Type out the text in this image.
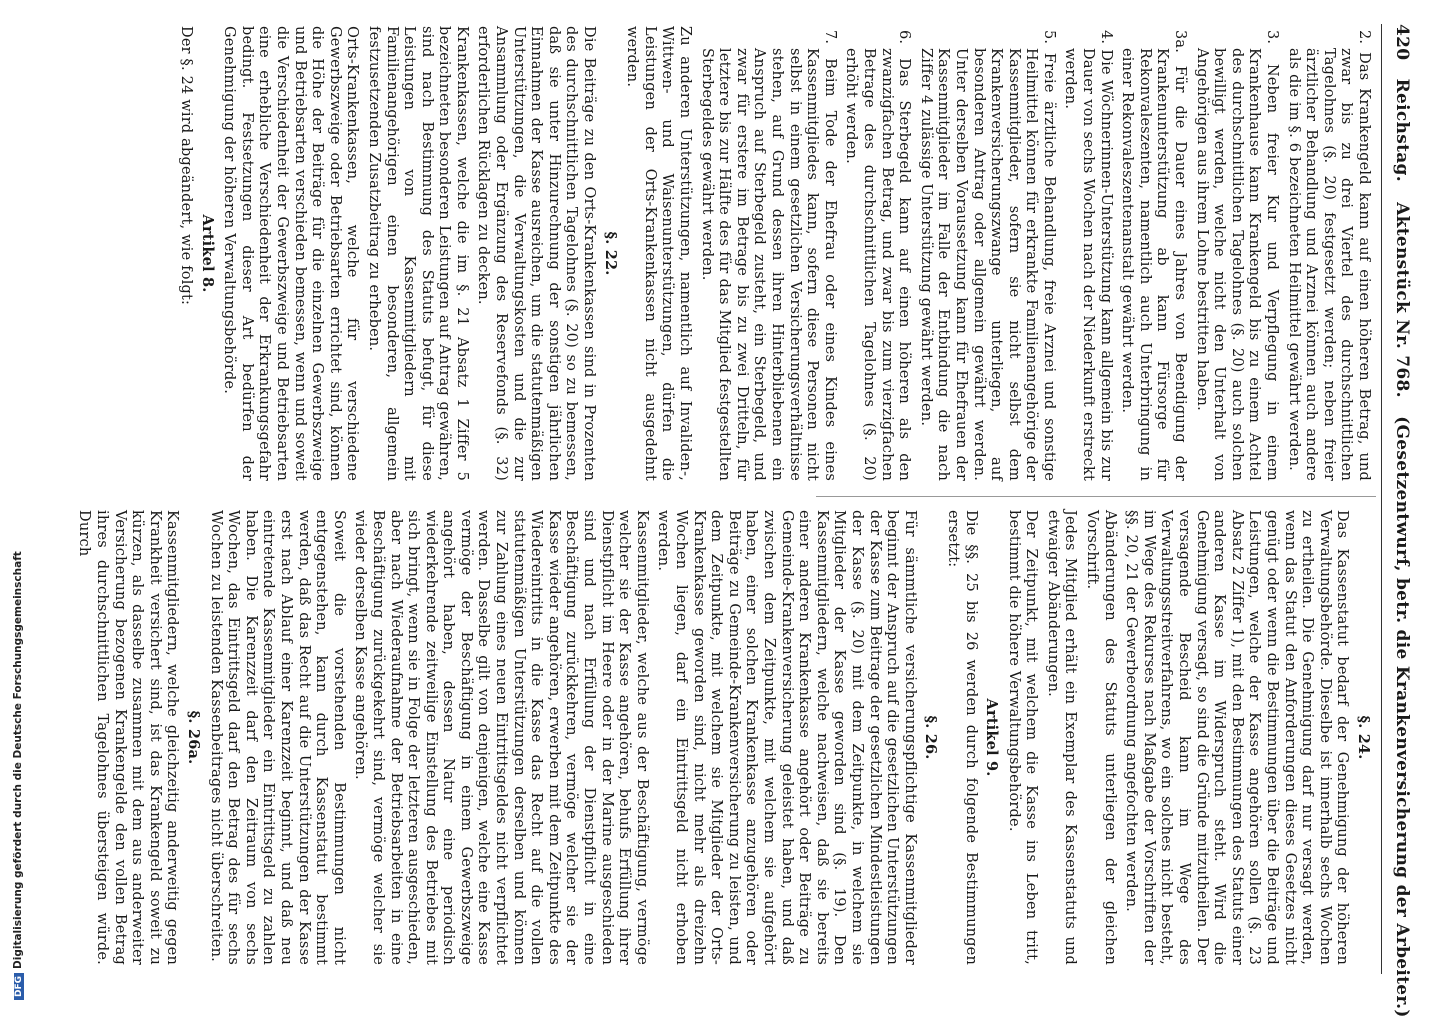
DFGDigitalisierung gefördert durch die Deutsche Forschungsgemeinschaft
420 Reichstag. Aktenstück Nr. 768. (Gesetzentwurf, betr. die Krankenversicherung der Arbeiter.)

2. Das Krankengeld kann auf einen höheren Betrag, und zwar bis zu drei Viertel des durchschnittlichen Tagelohnes (§. 20) festgesetzt werden; neben freier ärztlicher Behandlung und Arznei können auch andere als die im §. 6 bezeichneten Heilmittel gewährt werden.

3. Neben freier Kur und Verpflegung in einem Krankenhause kann Krankengeld bis zu einem Achtel des durchschnittlichen Tagelohnes (§. 20) auch solchen bewilligt werden, welche nicht den Unterhalt von Angehörigen aus ihrem Lohne bestritten haben.

3a. Für die Dauer eines Jahres von Beendigung der Krankenunterstützung ab kann Fürsorge für Rekonvaleszenten, namentlich auch Unterbringung in einer Rekonvaleszentenanstalt gewährt werden.

4. Die Wöchnerinnen-Unterstützung kann allgemein bis zur Dauer von sechs Wochen nach der Niederkunft erstreckt werden.

5. Freie ärztliche Behandlung, freie Arznei und sonstige Heilmittel können für erkrankte Familienangehörige der Kassenmitglieder, sofern sie nicht selbst dem Krankenversicherungszwange unterliegen, auf besonderen Antrag oder allgemein gewährt werden. Unter derselben Voraussetzung kann für Ehefrauen der Kassenmitglieder im Falle der Entbindung die nach Ziffer 4 zulässige Unterstützung gewährt werden.

6. Das Sterbegeld kann auf einen höheren als den zwanzigfachen Betrag, und zwar bis zum vierzigfachen Betrage des durchschnittlichen Tagelohnes (§. 20) erhöht werden.

7. Beim Tode der Ehefrau oder eines Kindes eines Kassenmitgliedes kann, sofern diese Personen nicht selbst in einem gesetzlichen Versicherungsverhältnisse stehen, auf Grund dessen ihren Hinterbliebenen ein Anspruch auf Sterbegeld zusteht, ein Sterbegeld, und zwar für erstere im Betrage bis zu zwei Dritteln, für letztere bis zur Hälfte des für das Mitglied festgestellten Sterbegeldes gewährt werden.

Zu anderen Unterstützungen, namentlich auf Invaliden-, Wittwen- und Waisenunterstützungen, dürfen die Leistungen der Orts-Krankenkassen nicht ausgedehnt werden.

§. 22.

Die Beiträge zu den Orts-Krankenkassen sind in Prozenten des durchschnittlichen Tagelohnes (§. 20) so zu bemessen, daß sie unter Hinzurechnung der sonstigen jährlichen Einnahmen der Kasse ausreichen, um die statutenmäßigen Unterstützungen, die Verwaltungskosten und die zur Ansammlung oder Ergänzung des Reservefonds (§. 32) erforderlichen Rücklagen zu decken.

Krankenkassen, welche die im §. 21 Absatz 1 Ziffer 5 bezeichneten besonderen Leistungen auf Antrag gewähren, sind nach Bestimmung des Statuts befugt, für diese Leistungen von Kassenmitgliedern mit Familienangehörigen einen besonderen, allgemein festzusetzenden Zusatzbeitrag zu erheben.

Orts-Krankenkassen, welche für verschiedene Gewerbszweige oder Betriebsarten errichtet sind, können die Höhe der Beiträge für die einzelnen Gewerbszweige und Betriebsarten verschieden bemessen, wenn und soweit die Verschiedenheit der Gewerbszweige und Betriebsarten eine erhebliche Verschiedenheit der Erkrankungsgefahr bedingt. Festsetzungen dieser Art bedürfen der Genehmigung der höheren Verwaltungsbehörde.

Artikel 8.

Der §. 24 wird abgeändert, wie folgt:

§. 24.

Das Kassenstatut bedarf der Genehmigung der höheren Verwaltungsbehörde. Dieselbe ist innerhalb sechs Wochen zu ertheilen. Die Genehmigung darf nur versagt werden, wenn das Statut den Anforderungen dieses Gesetzes nicht genügt oder wenn die Bestimmungen über die Beiträge und Leistungen, welche der Kasse angehören sollen (§. 23 Absatz 2 Ziffer 1), mit den Bestimmungen des Statuts einer anderen Kasse im Widerspruch steht. Wird die Genehmigung versagt, so sind die Gründe mitzutheilen. Der versagende Bescheid kann im Wege des Verwaltungsstreitverfahrens, wo ein solches nicht besteht, im Wege des Rekurses nach Maßgabe der Vorschriften der §§. 20, 21 der Gewerbeordnung angefochten werden.

Abänderungen des Statuts unterliegen der gleichen Vorschrift.

Jedes Mitglied erhält ein Exemplar des Kassenstatuts und etwaiger Abänderungen.

Der Zeitpunkt, mit welchem die Kasse ins Leben tritt, bestimmt die höhere Verwaltungsbehörde.

Artikel 9.

Die §§. 25 bis 26 werden durch folgende Bestimmungen ersetzt:

§. 26.

Für sämmtliche versicherungspflichtige Kassenmitglieder beginnt der Anspruch auf die gesetzlichen Unterstützungen der Kasse zum Beitrage der gesetzlichen Mindestleistungen der Kasse (§. 20) mit dem Zeitpunkte, in welchem sie Mitglieder der Kasse geworden sind (§. 19). Den Kassenmitgliedern, welche nachweisen, daß sie bereits einer anderen Krankenkasse angehört oder Beiträge zu Gemeinde-Krankenversicherung geleistet haben, und daß zwischen dem Zeitpunkte, mit welchem sie aufgehört haben, einer solchen Krankenkasse anzugehören oder Beiträge zu Gemeinde-Krankenversicherung zu leisten, und dem Zeitpunkte, mit welchem sie Mitglieder der Orts-Krankenkasse geworden sind, nicht mehr als dreizehn Wochen liegen, darf ein Eintrittsgeld nicht erhoben werden.

Kassenmitglieder, welche aus der Beschäftigung, vermöge welcher sie der Kasse angehören, behufs Erfüllung ihrer Dienstpflicht im Heere oder in der Marine ausgeschieden sind und nach Erfüllung der Dienstpflicht in eine Beschäftigung zurückkehren, vermöge welcher sie der Kasse wieder angehören, erwerben mit dem Zeitpunkte des Wiedereintritts in die Kasse das Recht auf die vollen statutenmäßigen Unterstützungen derselben und können zur Zahlung eines neuen Eintrittsgeldes nicht verpflichtet werden. Dasselbe gilt von denjenigen, welche eine Kasse vermöge der Beschäftigung in einem Gewerbszweige angehört haben, dessen Natur eine periodisch wiederkehrende zeitweilige Einstellung des Betriebes mit sich bringt, wenn sie in Folge der letzteren ausgeschieden, aber nach Wiederaufnahme der Betriebsarbeiten in eine Beschäftigung zurückgekehrt sind, vermöge welcher sie wieder derselben Kasse angehören.

Soweit die vorstehenden Bestimmungen nicht entgegenstehen, kann durch Kassenstatut bestimmt werden, daß das Recht auf die Unterstützungen der Kasse erst nach Ablauf einer Karenzzeit beginnt, und daß neu eintretende Kassenmitglieder ein Eintrittsgeld zu zahlen haben. Die Karenzzeit darf den Zeitraum von sechs Wochen, das Eintrittsgeld darf den Betrag des für sechs Wochen zu leistenden Kassenbeitrages nicht überschreiten.

§. 26a.

Kassenmitgliedern, welche gleichzeitig anderweitig gegen Krankheit versichert sind, ist das Krankengeld soweit zu kürzen, als dasselbe zusammen mit dem aus anderweiter Versicherung bezogenen Krankengelde den vollen Betrag ihres durchschnittlichen Tagelohnes übersteigen würde. Durch
